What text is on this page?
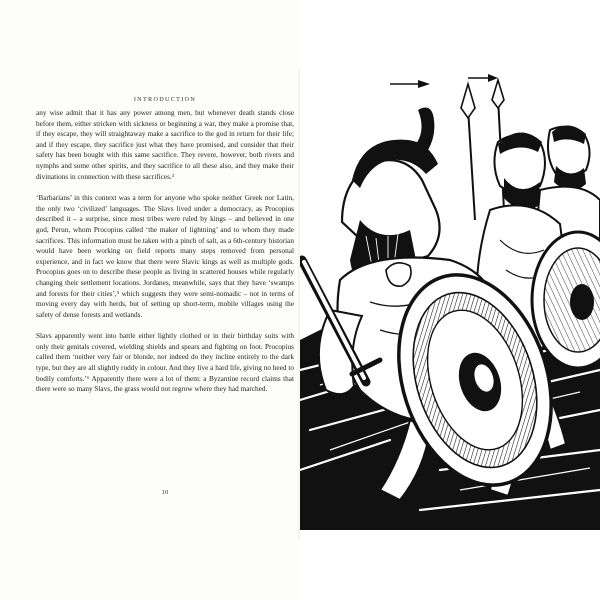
INTRODUCTION

any wise admit that it has any power among men, but whenever death stands close before them, either stricken with sickness or beginning a war, they make a promise that, if they escape, they will straightaway make a sacrifice to the god in return for their life; and if they escape, they sacrifice just what they have promised, and consider that their safety has been bought with this same sacrifice. They revere, however, both rivers and nymphs and some other spirits, and they sacrifice to all these also, and they make their divinations in connection with these sacrifices.³

‘Barbarians’ in this context was a term for anyone who spoke neither Greek nor Latin, the only two ‘civilized’ languages. The Slavs lived under a democracy, as Procopius described it – a surprise, since most tribes were ruled by kings – and believed in one god, Perun, whom Procopius called ‘the maker of lightning’ and to whom they made sacrifices. This information must be taken with a pinch of salt, as a 6th-century historian would have been working on field reports many steps removed from personal experience, and in fact we know that there were Slavic kings as well as multiple gods. Procopius goes on to describe these people as living in scattered houses while regularly changing their settlement locations. Jordanes, meanwhile, says that they have ‘swamps and forests for their cities’,⁵ which suggests they were semi-nomadic – not in terms of moving every day with herds, but of setting up short-term, mobile villages using the safety of dense forests and wetlands.

Slavs apparently went into battle either lightly clothed or in their birthday suits with only their genitals covered, wielding shields and spears and fighting on foot. Procopius called them ‘neither very fair or blonde, nor indeed do they incline entirely to the dark type, but they are all slightly ruddy in colour. And they live a hard life, giving no heed to bodily comforts.’⁶ Apparently there were a lot of them: a Byzantine record claims that there were so many Slavs, the grass would not regrow where they had marched.

10
